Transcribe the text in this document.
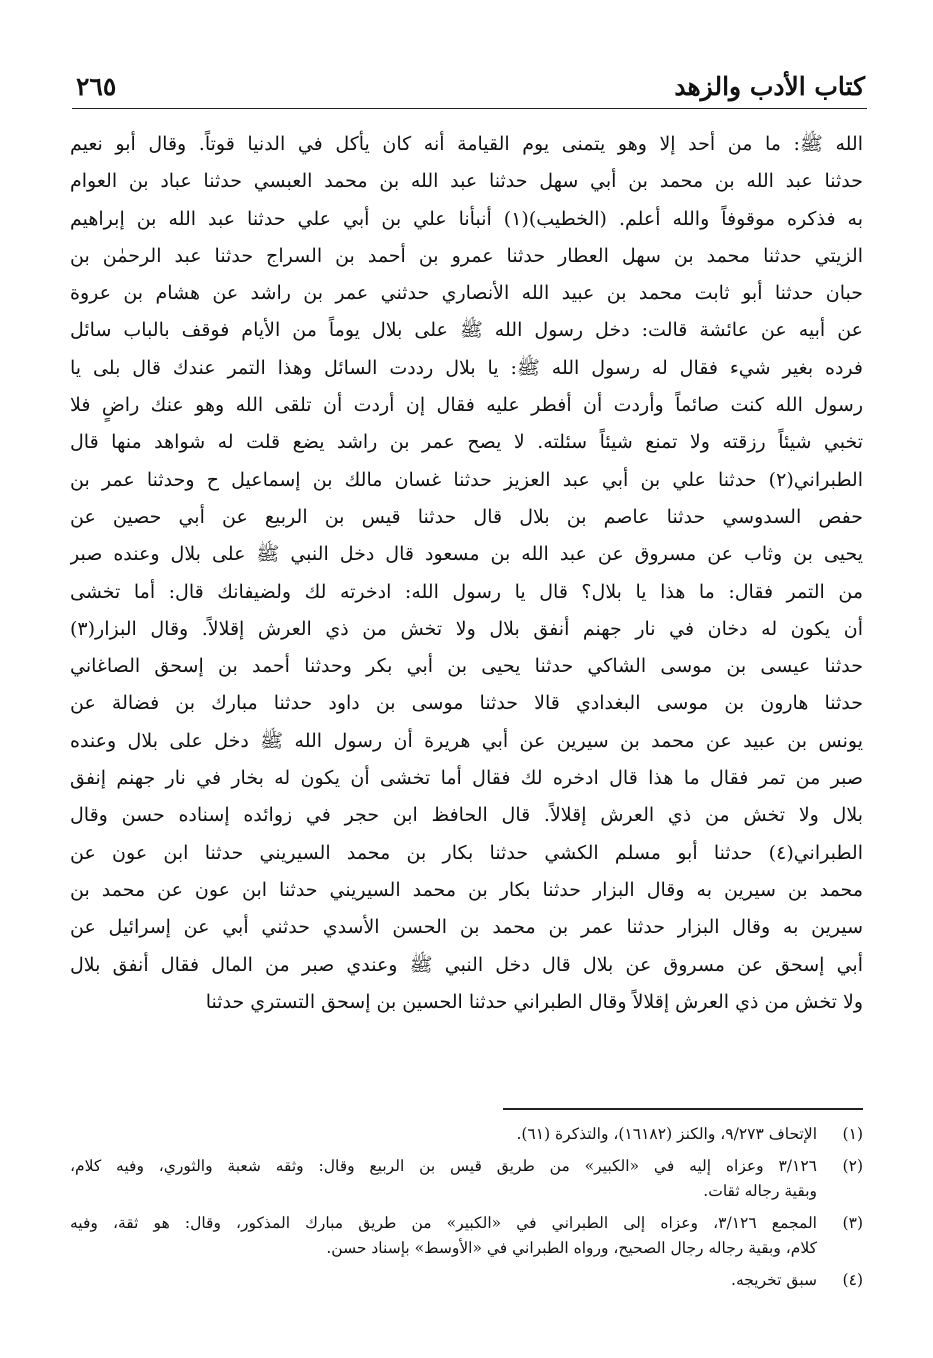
كتاب الأدب والزهد
٢٦٥
الله ﷺ: ما من أحد إلا وهو يتمنى يوم القيامة أنه كان يأكل في الدنيا قوتاً. وقال أبو نعيم
حدثنا عبد الله بن محمد بن أبي سهل حدثنا عبد الله بن محمد العبسي حدثنا عباد بن العوام
به فذكره موقوفاً والله أعلم. (الخطيب)(١) أنبأنا علي بن أبي علي حدثنا عبد الله بن إبراهيم
الزيتي حدثنا محمد بن سهل العطار حدثنا عمرو بن أحمد بن السراج حدثنا عبد الرحمٰن بن
حبان حدثنا أبو ثابت محمد بن عبيد الله الأنصاري حدثني عمر بن راشد عن هشام بن عروة
عن أبيه عن عائشة قالت: دخل رسول الله ﷺ على بلال يوماً من الأيام فوقف بالباب سائل
فرده بغير شيء فقال له رسول الله ﷺ: يا بلال رددت السائل وهذا التمر عندك قال بلى يا
رسول الله كنت صائماً وأردت أن أفطر عليه فقال إن أردت أن تلقى الله وهو عنك راضٍ فلا
تخبي شيئاً رزقته ولا تمنع شيئاً سئلته. لا يصح عمر بن راشد يضع قلت له شواهد منها قال
الطبراني(٢) حدثنا علي بن أبي عبد العزيز حدثنا غسان مالك بن إسماعيل ح وحدثنا عمر بن
حفص السدوسي حدثنا عاصم بن بلال قال حدثنا قيس بن الربيع عن أبي حصين عن
يحيى بن وثاب عن مسروق عن عبد الله بن مسعود قال دخل النبي ﷺ على بلال وعنده صبر
من التمر فقال: ما هذا يا بلال؟ قال يا رسول الله: ادخرته لك ولضيفانك قال: أما تخشى
أن يكون له دخان في نار جهنم أنفق بلال ولا تخش من ذي العرش إقلالاً. وقال البزار(٣)
حدثنا عيسى بن موسى الشاكي حدثنا يحيى بن أبي بكر وحدثنا أحمد بن إسحق الصاغاني
حدثنا هارون بن موسى البغدادي قالا حدثنا موسى بن داود حدثنا مبارك بن فضالة عن
يونس بن عبيد عن محمد بن سيرين عن أبي هريرة أن رسول الله ﷺ دخل على بلال وعنده
صبر من تمر فقال ما هذا قال ادخره لك فقال أما تخشى أن يكون له بخار في نار جهنم إنفق
بلال ولا تخش من ذي العرش إقلالاً. قال الحافظ ابن حجر في زوائده إسناده حسن وقال
الطبراني(٤) حدثنا أبو مسلم الكشي حدثنا بكار بن محمد السيريني حدثنا ابن عون عن
محمد بن سيرين به وقال البزار حدثنا بكار بن محمد السيريني حدثنا ابن عون عن محمد بن
سيرين به وقال البزار حدثنا عمر بن محمد بن الحسن الأسدي حدثني أبي عن إسرائيل عن
أبي إسحق عن مسروق عن بلال قال دخل النبي ﷺ وعندي صبر من المال فقال أنفق بلال
ولا تخش من ذي العرش إقلالاً وقال الطبراني حدثنا الحسين بن إسحق التستري حدثنا
(١)
الإتحاف ٩/٢٧٣، والكنز (١٦١٨٢)، والتذكرة (٦١).
(٢)
٣/١٢٦ وعزاه إليه في «الكبير» من طريق قيس بن الربيع وقال: وثقه شعبة والثوري، وفيه كلام،
وبقية رجاله ثقات.
(٣)
المجمع ٣/١٢٦، وعزاه إلى الطبراني في «الكبير» من طريق مبارك المذكور، وقال: هو ثقة، وفيه
كلام، وبقية رجاله رجال الصحيح، ورواه الطبراني في «الأوسط» بإسناد حسن.
(٤)
سبق تخريجه.
